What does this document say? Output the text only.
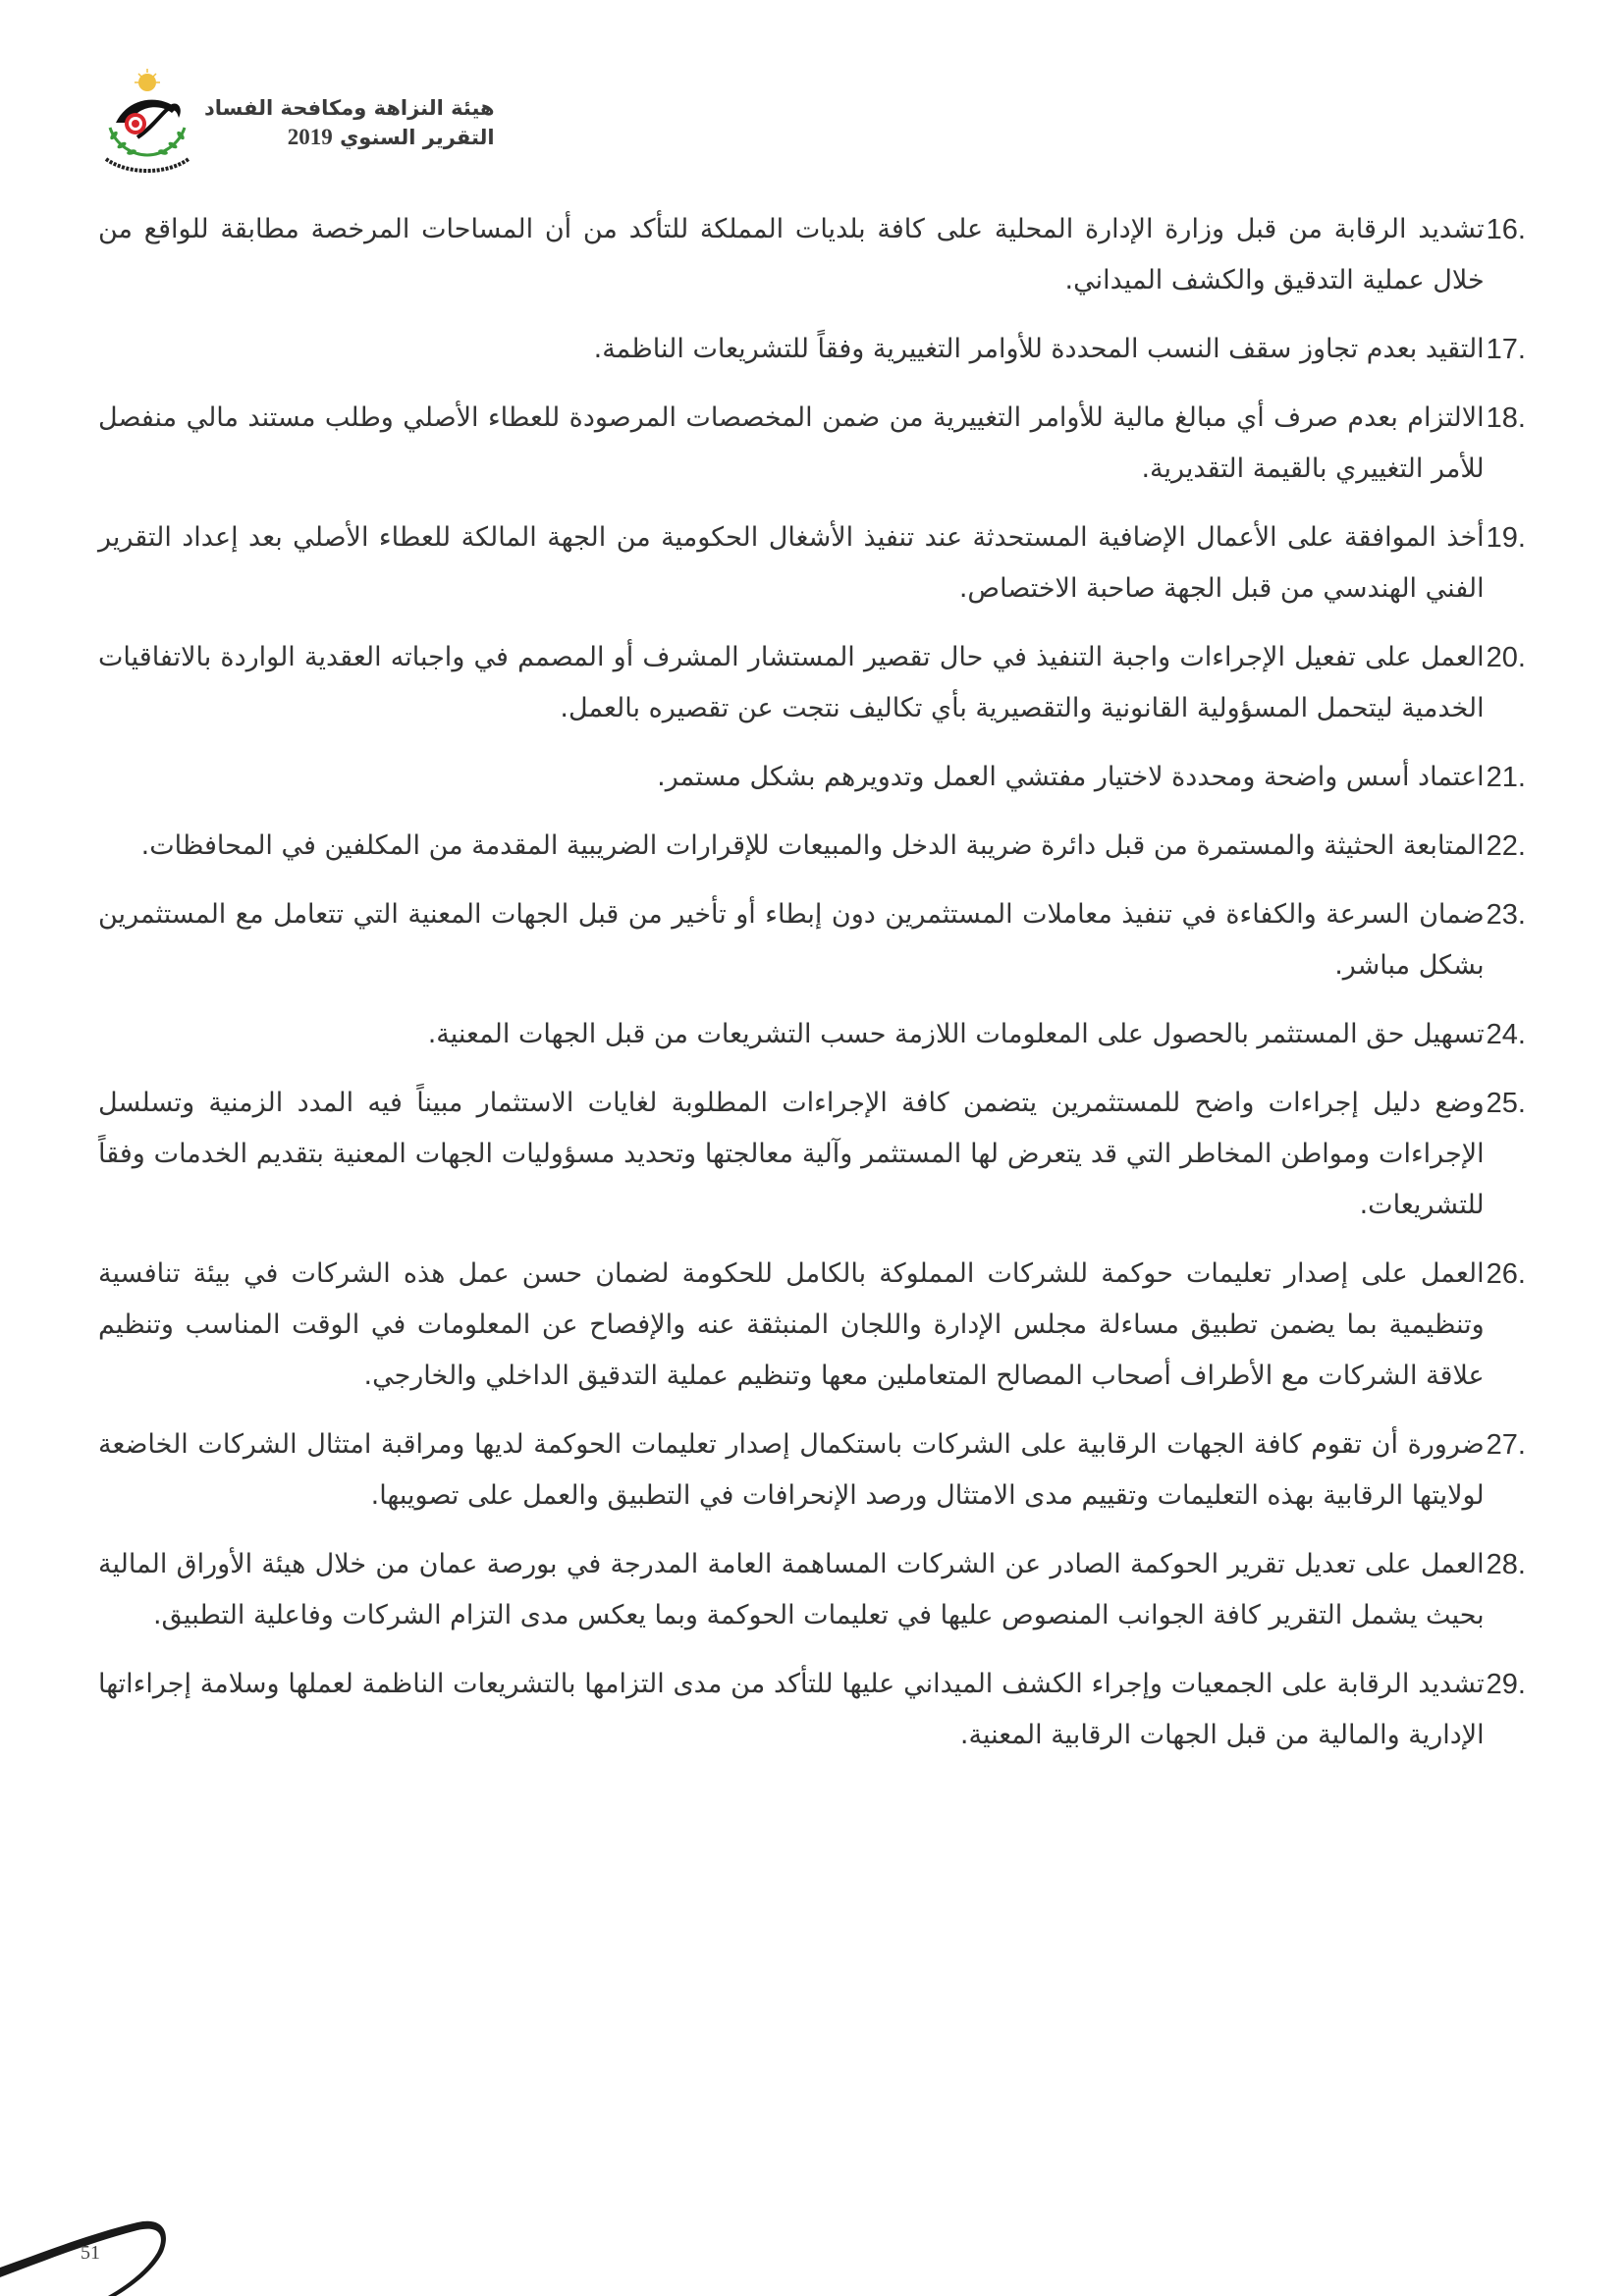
هيئة النزاهة ومكافحة الفساد
التقرير السنوي 2019
16.
تشديد الرقابة من قبل وزارة الإدارة المحلية على كافة بلديات المملكة للتأكد من أن المساحات المرخصة مطابقة للواقع من خلال عملية التدقيق والكشف الميداني.
17.
التقيد بعدم تجاوز سقف النسب المحددة للأوامر التغييرية وفقاً للتشريعات الناظمة.
18.
الالتزام بعدم صرف أي مبالغ مالية للأوامر التغييرية من ضمن المخصصات المرصودة للعطاء الأصلي وطلب مستند مالي منفصل للأمر التغييري بالقيمة التقديرية.
19.
أخذ الموافقة على الأعمال الإضافية المستحدثة عند تنفيذ الأشغال الحكومية من الجهة المالكة للعطاء الأصلي بعد إعداد التقرير الفني الهندسي من قبل الجهة صاحبة الاختصاص.
20.
العمل على تفعيل الإجراءات واجبة التنفيذ في حال تقصير المستشار المشرف أو المصمم في واجباته العقدية الواردة بالاتفاقيات الخدمية ليتحمل المسؤولية القانونية والتقصيرية بأي تكاليف نتجت عن تقصيره بالعمل.
21.
اعتماد أسس واضحة ومحددة لاختيار مفتشي العمل وتدويرهم بشكل مستمر.
22.
المتابعة الحثيثة والمستمرة من قبل دائرة ضريبة الدخل والمبيعات للإقرارات الضريبية المقدمة من المكلفين في المحافظات.
23.
ضمان السرعة والكفاءة في تنفيذ معاملات المستثمرين دون إبطاء أو تأخير من قبل الجهات المعنية التي تتعامل مع المستثمرين بشكل مباشر.
24.
تسهيل حق المستثمر بالحصول على المعلومات اللازمة حسب التشريعات من قبل الجهات المعنية.
25.
وضع دليل إجراءات واضح للمستثمرين يتضمن كافة الإجراءات المطلوبة لغايات الاستثمار مبيناً فيه المدد الزمنية وتسلسل الإجراءات ومواطن المخاطر التي قد يتعرض لها المستثمر وآلية معالجتها وتحديد مسؤوليات الجهات المعنية بتقديم الخدمات وفقاً للتشريعات.
26.
العمل على إصدار تعليمات حوكمة للشركات المملوكة بالكامل للحكومة لضمان حسن عمل هذه الشركات في بيئة تنافسية وتنظيمية بما يضمن تطبيق مساءلة مجلس الإدارة واللجان المنبثقة عنه والإفصاح عن المعلومات في الوقت المناسب وتنظيم علاقة الشركات مع الأطراف أصحاب المصالح المتعاملين معها وتنظيم عملية التدقيق الداخلي والخارجي.
27.
ضرورة أن تقوم كافة الجهات الرقابية على الشركات باستكمال إصدار تعليمات الحوكمة لديها ومراقبة امتثال الشركات الخاضعة لولايتها الرقابية بهذه التعليمات وتقييم مدى الامتثال ورصد الإنحرافات في التطبيق والعمل على تصويبها.
28.
العمل على تعديل تقرير الحوكمة الصادر عن الشركات المساهمة العامة المدرجة في بورصة عمان من خلال هيئة الأوراق المالية بحيث يشمل التقرير كافة الجوانب المنصوص عليها في تعليمات الحوكمة وبما يعكس مدى التزام الشركات وفاعلية التطبيق.
29.
تشديد الرقابة على الجمعيات وإجراء الكشف الميداني عليها للتأكد من مدى التزامها بالتشريعات الناظمة لعملها وسلامة إجراءاتها الإدارية والمالية من قبل الجهات الرقابية المعنية.
51
